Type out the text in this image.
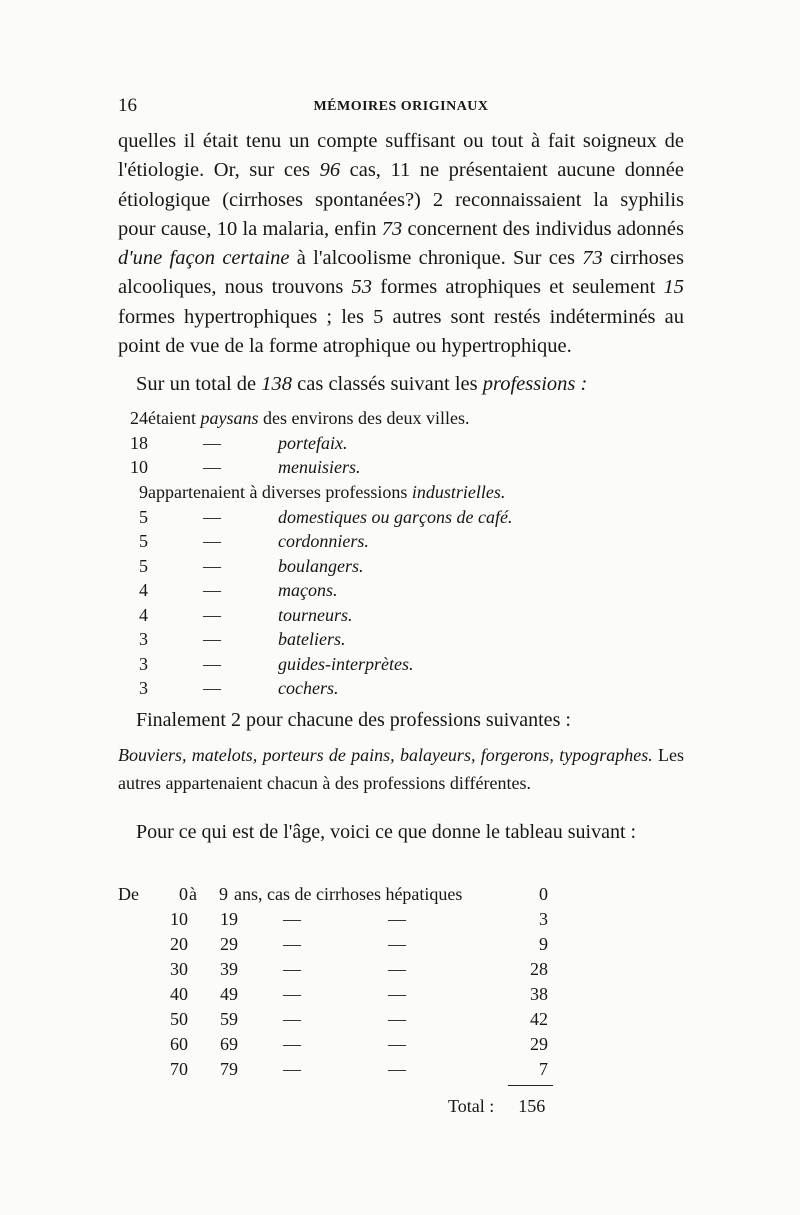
16	MÉMOIRES ORIGINAUX

quelles il était tenu un compte suffisant ou tout à fait soigneux de l'étiologie. Or, sur ces 96 cas, 11 ne présentaient aucune donnée étiologique (cirrhoses spontanées?) 2 reconnaissaient la syphilis pour cause, 10 la malaria, enfin 73 concernent des individus adonnés d'une façon certaine à l'alcoolisme chronique. Sur ces 73 cirrhoses alcooliques, nous trouvons 53 formes atrophiques et seulement 15 formes hypertrophiques ; les 5 autres sont restés indéterminés au point de vue de la forme atrophique ou hypertrophique.

Sur un total de 138 cas classés suivant les professions :

24 étaient paysans des environs des deux villes.
18	—	portefaix.
10	—	menuisiers.
9 appartenaient à diverses professions industrielles.
5	—	domestiques ou garçons de café.
5	—	cordonniers.
5	—	boulangers.
4	—	maçons.
4	—	tourneurs.
3	—	bateliers.
3	—	guides-interprètes.
3	—	cochers.

Finalement 2 pour chacune des professions suivantes :

Bouviers, matelots, porteurs de pains, balayeurs, forgerons, typographes. Les autres appartenaient chacun à des professions différentes.

Pour ce qui est de l'âge, voici ce que donne le tableau suivant :

De	0 à	9 ans, cas de cirrhoses hépatiques	0
10	19	—	—	3
20	29	—	—	9
30	39	—	—	28
40	49	—	—	38
50	59	—	—	42
60	69	—	—	29
70	79	—	—	7
Total : 156
